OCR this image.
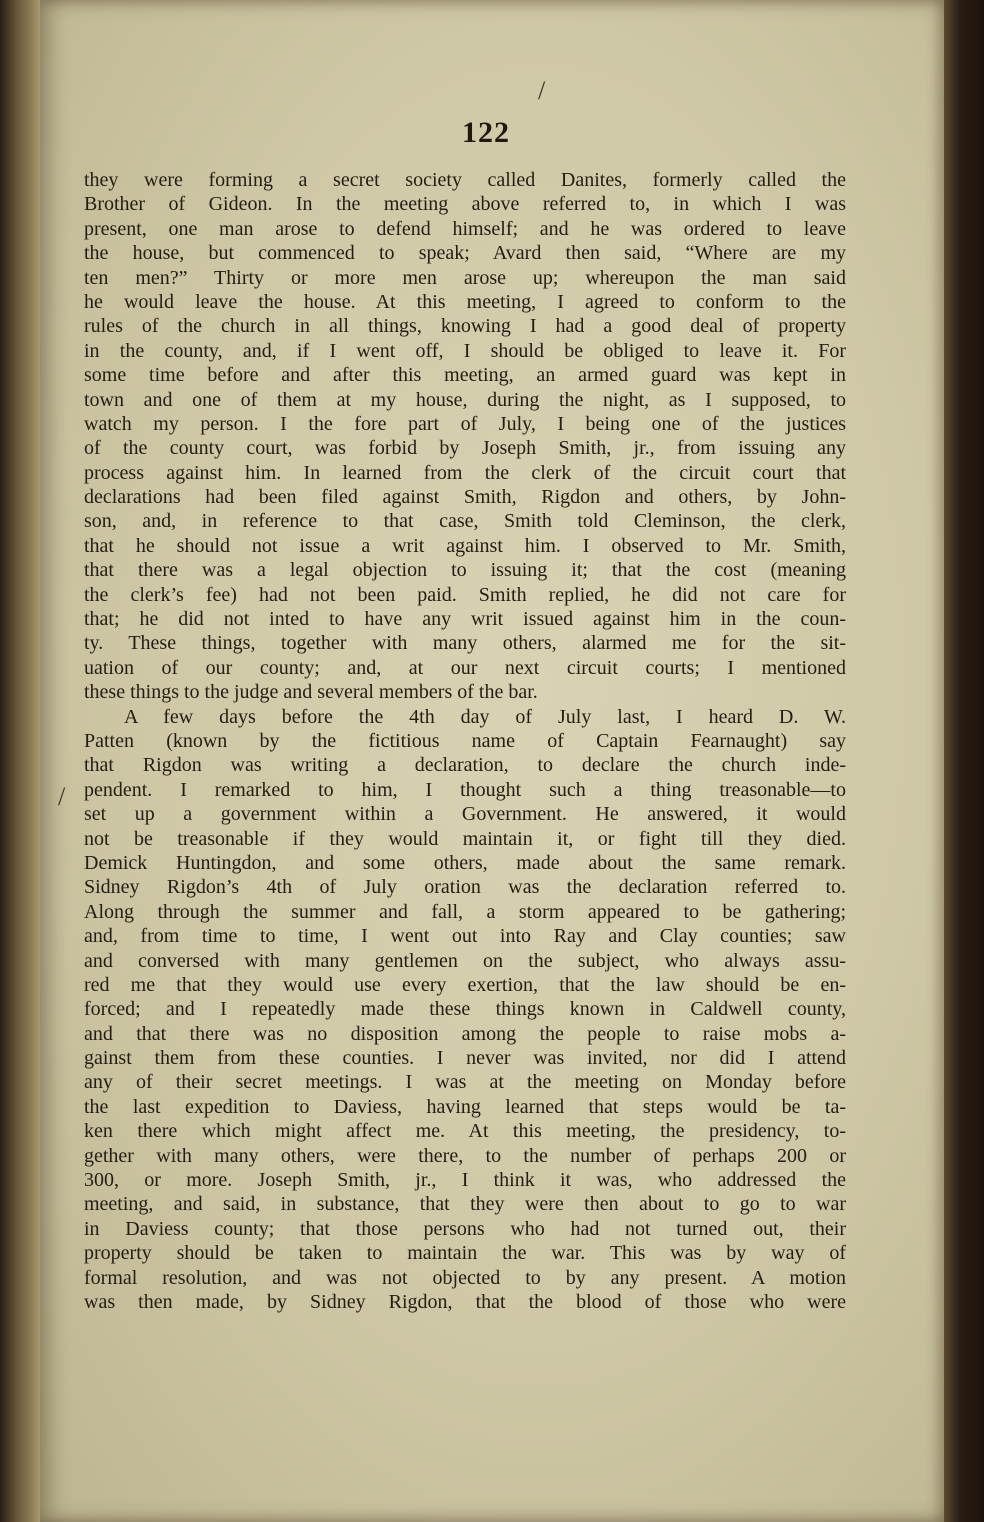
/
/
122
they were forming a secret society called Danites, formerly called the
Brother of Gideon. In the meeting above referred to, in which I was
present, one man arose to defend himself; and he was ordered to leave
the house, but commenced to speak; Avard then said, “Where are my
ten men?” Thirty or more men arose up; whereupon the man said
he would leave the house. At this meeting, I agreed to conform to the
rules of the church in all things, knowing I had a good deal of property
in the county, and, if I went off, I should be obliged to leave it. For
some time before and after this meeting, an armed guard was kept in
town and one of them at my house, during the night, as I supposed, to
watch my person. I the fore part of July, I being one of the justices
of the county court, was forbid by Joseph Smith, jr., from issuing any
process against him. In learned from the clerk of the circuit court that
declarations had been filed against Smith, Rigdon and others, by John-
son, and, in reference to that case, Smith told Cleminson, the clerk,
that he should not issue a writ against him. I observed to Mr. Smith,
that there was a legal objection to issuing it; that the cost (meaning
the clerk’s fee) had not been paid. Smith replied, he did not care for
that; he did not inted to have any writ issued against him in the coun-
ty. These things, together with many others, alarmed me for the sit-
uation of our county; and, at our next circuit courts; I mentioned
these things to the judge and several members of the bar.
A few days before the 4th day of July last, I heard D. W.
Patten (known by the fictitious name of Captain Fearnaught) say
that Rigdon was writing a declaration, to declare the church inde-
pendent. I remarked to him, I thought such a thing treasonable—to
set up a government within a Government. He answered, it would
not be treasonable if they would maintain it, or fight till they died.
Demick Huntingdon, and some others, made about the same remark.
Sidney Rigdon’s 4th of July oration was the declaration referred to.
Along through the summer and fall, a storm appeared to be gathering;
and, from time to time, I went out into Ray and Clay counties; saw
and conversed with many gentlemen on the subject, who always assu-
red me that they would use every exertion, that the law should be en-
forced; and I repeatedly made these things known in Caldwell county,
and that there was no disposition among the people to raise mobs a-
gainst them from these counties. I never was invited, nor did I attend
any of their secret meetings. I was at the meeting on Monday before
the last expedition to Daviess, having learned that steps would be ta-
ken there which might affect me. At this meeting, the presidency, to-
gether with many others, were there, to the number of perhaps 200 or
300, or more. Joseph Smith, jr., I think it was, who addressed the
meeting, and said, in substance, that they were then about to go to war
in Daviess county; that those persons who had not turned out, their
property should be taken to maintain the war. This was by way of
formal resolution, and was not objected to by any present. A motion
was then made, by Sidney Rigdon, that the blood of those who were
